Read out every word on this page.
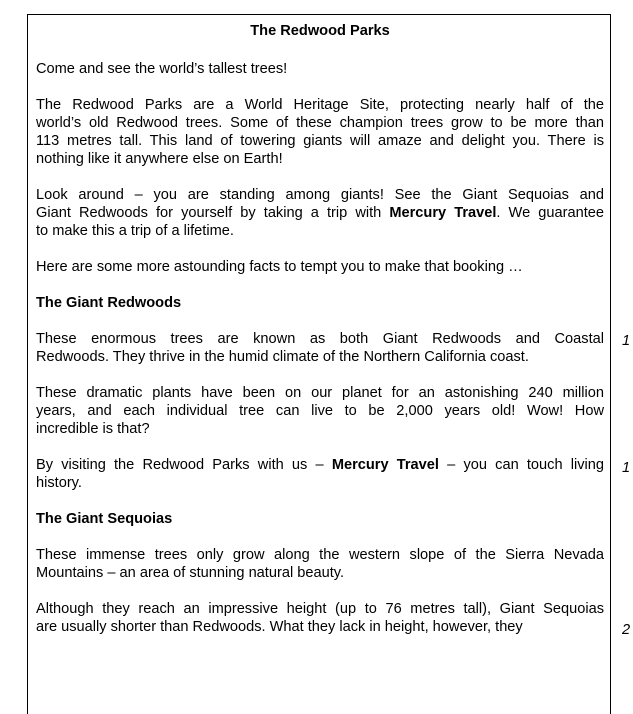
The Redwood Parks
Come and see the world’s tallest trees!
The Redwood Parks are a World Heritage Site, protecting nearly half of the
world’s old Redwood trees. Some of these champion trees grow to be more than
113 metres tall. This land of towering giants will amaze and delight you. There is
nothing like it anywhere else on Earth!
Look around – you are standing among giants! See the Giant Sequoias and
Giant Redwoods for yourself by taking a trip with Mercury Travel. We guarantee
to make this a trip of a lifetime.
Here are some more astounding facts to tempt you to make that booking …
The Giant Redwoods
These enormous trees are known as both Giant Redwoods and Coastal
Redwoods. They thrive in the humid climate of the Northern California coast.
These dramatic plants have been on our planet for an astonishing 240 million
years, and each individual tree can live to be 2,000 years old! Wow! How
incredible is that?
By visiting the Redwood Parks with us – Mercury Travel – you can touch living
history.
The Giant Sequoias
These immense trees only grow along the western slope of the Sierra Nevada
Mountains – an area of stunning natural beauty.
Although they reach an impressive height (up to 76 metres tall), Giant Sequoias
are usually shorter than Redwoods. What they lack in height, however, they
1
1
2
